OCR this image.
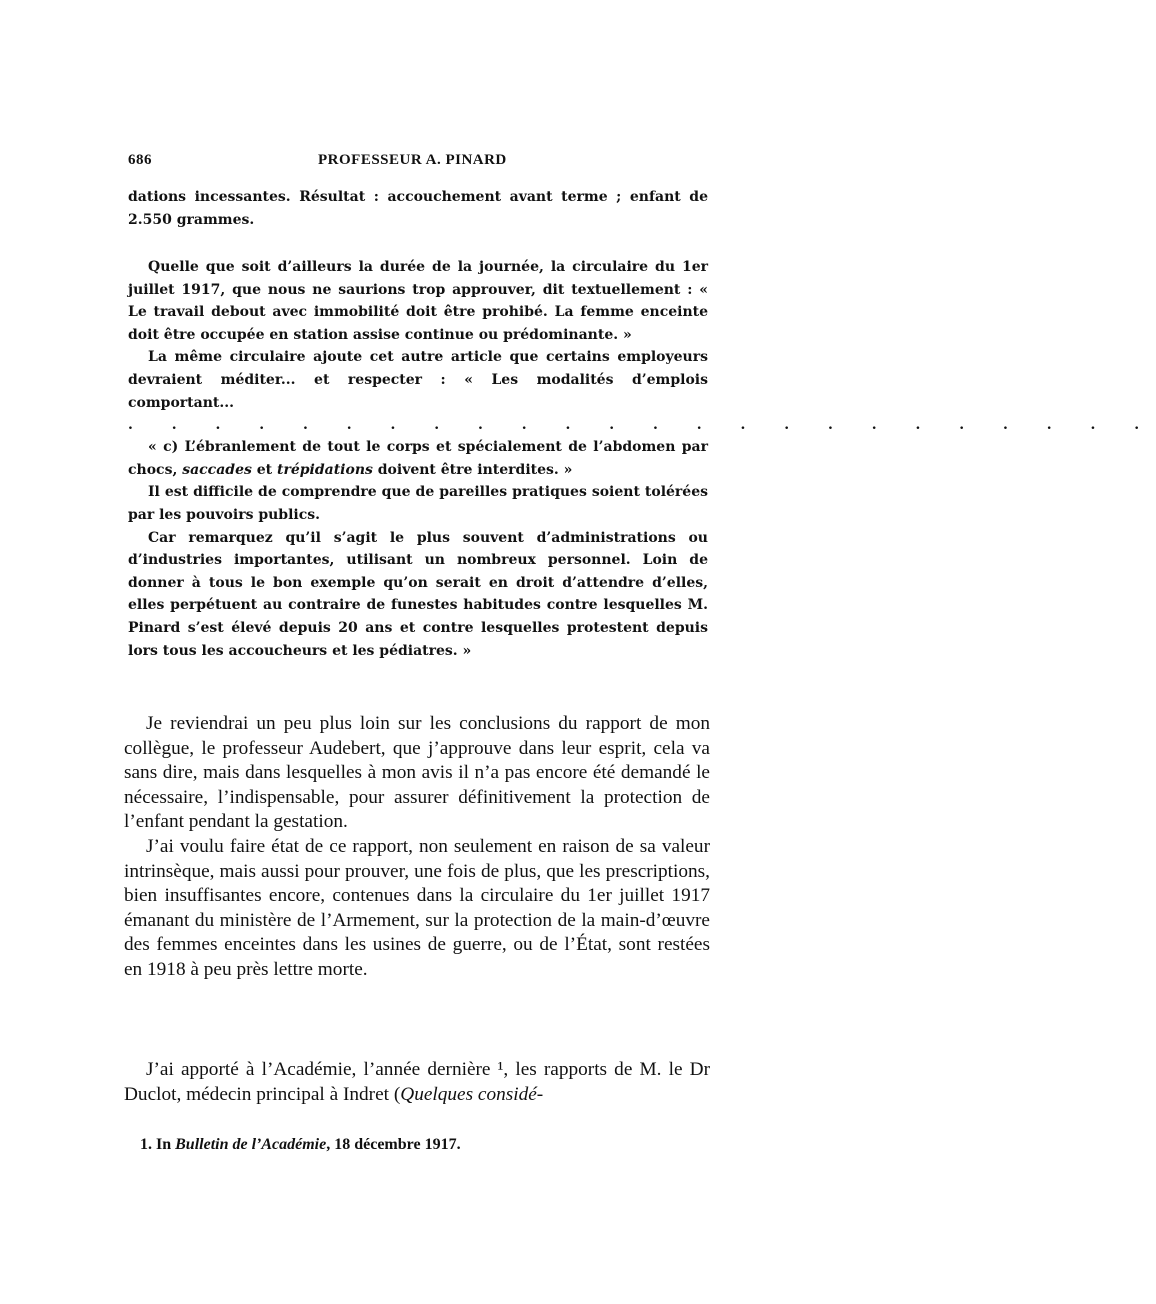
686	PROFESSEUR A. PINARD

dations incessantes. Résultat : accouchement avant terme ; enfant de 2.550 grammes.

Quelle que soit d’ailleurs la durée de la journée, la circulaire du 1er juillet 1917, que nous ne saurions trop approuver, dit textuellement : « Le travail debout avec immobilité doit être prohibé. La femme enceinte doit être occupée en station assise continue ou prédominante. »

La même circulaire ajoute cet autre article que certains employeurs devraient méditer... et respecter : « Les modalités d’emplois comportant...

. . . . . . . . . . . . . . . . . . . . . . . .

« c) L’ébranlement de tout le corps et spécialement de l’abdomen par chocs, saccades et trépidations doivent être interdites. »

Il est difficile de comprendre que de pareilles pratiques soient tolérées par les pouvoirs publics.

Car remarquez qu’il s’agit le plus souvent d’administrations ou d’industries importantes, utilisant un nombreux personnel. Loin de donner à tous le bon exemple qu’on serait en droit d’attendre d’elles, elles perpétuent au contraire de funestes habitudes contre lesquelles M. Pinard s’est élevé depuis 20 ans et contre lesquelles protestent depuis lors tous les accoucheurs et les pédiatres. »

Je reviendrai un peu plus loin sur les conclusions du rapport de mon collègue, le professeur Audebert, que j’approuve dans leur esprit, cela va sans dire, mais dans lesquelles à mon avis il n’a pas encore été demandé le nécessaire, l’indispensable, pour assurer définitivement la protection de l’enfant pendant la gestation.

J’ai voulu faire état de ce rapport, non seulement en raison de sa valeur intrinsèque, mais aussi pour prouver, une fois de plus, que les prescriptions, bien insuffisantes encore, contenues dans la circulaire du 1er juillet 1917 émanant du ministère de l’Armement, sur la protection de la main-d’œuvre des femmes enceintes dans les usines de guerre, ou de l’État, sont restées en 1918 à peu près lettre morte.

J’ai apporté à l’Académie, l’année dernière ¹, les rapports de M. le Dr Duclot, médecin principal à Indret (Quelques considé-

1. In Bulletin de l’Académie, 18 décembre 1917.
